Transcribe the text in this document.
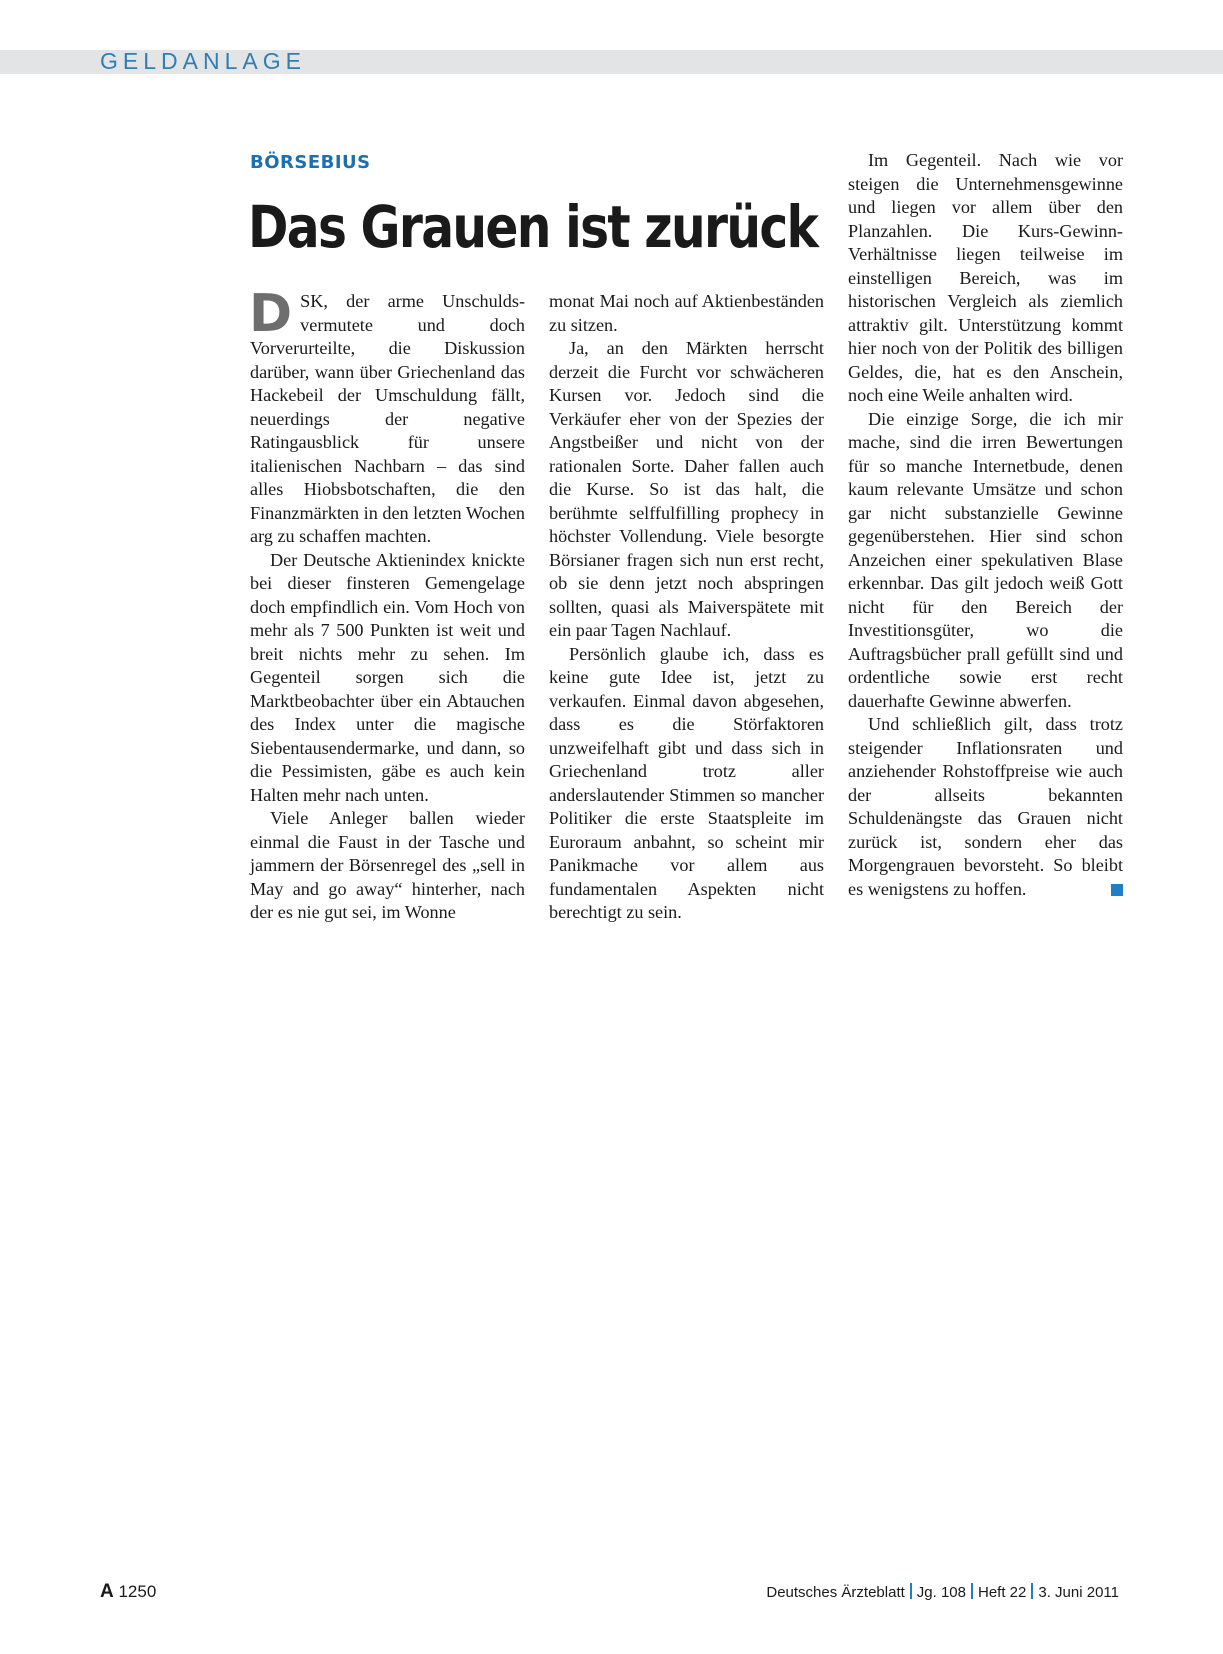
GELDANLAGE
BÖRSEBIUS
Das Grauen ist zurück

DSK, der arme Unschuldsvermutete und doch Vorverurteilte, die Diskussion darüber, wann über Griechenland das Hackebeil der Umschuldung fällt, neuerdings der negative Ratingausblick für unsere italienischen Nachbarn – das sind alles Hiobsbotschaften, die den Finanzmärkten in den letzten Wochen arg zu schaffen machten.

Der Deutsche Aktienindex knickte bei dieser finsteren Gemengelage doch empfindlich ein. Vom Hoch von mehr als 7 500 Punkten ist weit und breit nichts mehr zu sehen. Im Gegenteil sorgen sich die Marktbeobachter über ein Abtauchen des Index unter die magische Siebentausendermarke, und dann, so die Pessimisten, gäbe es auch kein Halten mehr nach unten.

Viele Anleger ballen wieder einmal die Faust in der Tasche und jammern der Börsenregel des „sell in May and go away“ hinterher, nach der es nie gut sei, im Wonne

monat Mai noch auf Aktienbeständen zu sitzen.

Ja, an den Märkten herrscht derzeit die Furcht vor schwächeren Kursen vor. Jedoch sind die Verkäufer eher von der Spezies der Angstbeißer und nicht von der rationalen Sorte. Daher fallen auch die Kurse. So ist das halt, die berühmte selffulfilling prophecy in höchster Vollendung. Viele besorgte Börsianer fragen sich nun erst recht, ob sie denn jetzt noch abspringen sollten, quasi als Maiverspätete mit ein paar Tagen Nachlauf.

Persönlich glaube ich, dass es keine gute Idee ist, jetzt zu verkaufen. Einmal davon abgesehen, dass es die Störfaktoren unzweifelhaft gibt und dass sich in Griechenland trotz aller anderslautender Stimmen so mancher Politiker die erste Staatspleite im Euroraum anbahnt, so scheint mir Panikmache vor allem aus fundamentalen Aspekten nicht berechtigt zu sein.

Im Gegenteil. Nach wie vor steigen die Unternehmensgewinne und liegen vor allem über den Planzahlen. Die Kurs-Gewinn-Verhältnisse liegen teilweise im einstelligen Bereich, was im historischen Vergleich als ziemlich attraktiv gilt. Unterstützung kommt hier noch von der Politik des billigen Geldes, die, hat es den Anschein, noch eine Weile anhalten wird.

Die einzige Sorge, die ich mir mache, sind die irren Bewertungen für so manche Internetbude, denen kaum relevante Umsätze und schon gar nicht substanzielle Gewinne gegenüberstehen. Hier sind schon Anzeichen einer spekulativen Blase erkennbar. Das gilt jedoch weiß Gott nicht für den Bereich der Investitionsgüter, wo die Auftragsbücher prall gefüllt sind und ordentliche sowie erst recht dauerhafte Gewinne abwerfen.

Und schließlich gilt, dass trotz steigender Inflationsraten und anziehender Rohstoffpreise wie auch der allseits bekannten Schuldenängste das Grauen nicht zurück ist, sondern eher das Morgengrauen bevorsteht. So bleibt es wenigstens zu hoffen.

A 1250	Deutsches Ärzteblatt Jg. 108 Heft 22 3. Juni 2011
